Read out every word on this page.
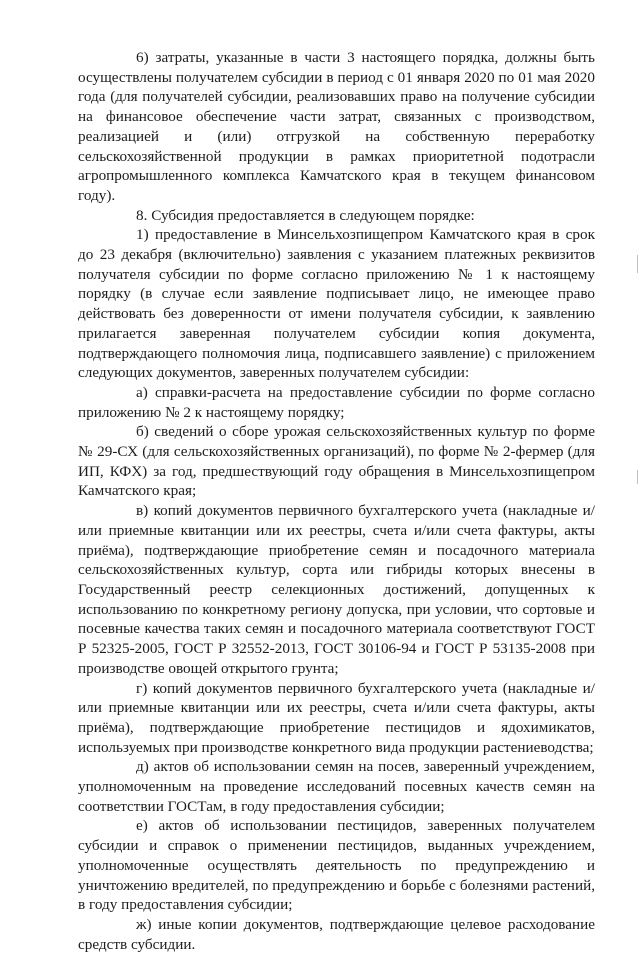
6) затраты, указанные в части 3 настоящего порядка, должны быть осуществлены получателем субсидии в период с 01 января 2020 по 01 мая 2020 года (для получателей субсидии, реализовавших право на получение субсидии на финансовое обеспечение части затрат, связанных с производством, реализацией и (или) отгрузкой на собственную переработку сельскохозяйственной продукции в рамках приоритетной подотрасли агропромышленного комплекса Камчатского края в текущем финансовом году).

8. Субсидия предоставляется в следующем порядке:

1) предоставление в Минсельхозпищепром Камчатского края в срок до 23 декабря (включительно) заявления с указанием платежных реквизитов получателя субсидии по форме согласно приложению № 1 к настоящему порядку (в случае если заявление подписывает лицо, не имеющее право действовать без доверенности от имени получателя субсидии, к заявлению прилагается заверенная получателем субсидии копия документа, подтверждающего полномочия лица, подписавшего заявление) с приложением следующих документов, заверенных получателем субсидии:

а) справки-расчета на предоставление субсидии по форме согласно приложению № 2 к настоящему порядку;

б) сведений о сборе урожая сельскохозяйственных культур по форме № 29-СХ (для сельскохозяйственных организаций), по форме № 2-фермер (для ИП, КФХ) за год, предшествующий году обращения в Минсельхозпищепром Камчатского края;

в) копий документов первичного бухгалтерского учета (накладные и/или приемные квитанции или их реестры, счета и/или счета фактуры, акты приёма), подтверждающие приобретение семян и посадочного материала сельскохозяйственных культур, сорта или гибриды которых внесены в Государственный реестр селекционных достижений, допущенных к использованию по конкретному региону допуска, при условии, что сортовые и посевные качества таких семян и посадочного материала соответствуют ГОСТ Р 52325-2005, ГОСТ Р 32552-2013, ГОСТ 30106-94 и ГОСТ Р 53135-2008 при производстве овощей открытого грунта;

г) копий документов первичного бухгалтерского учета (накладные и/или приемные квитанции или их реестры, счета и/или счета фактуры, акты приёма), подтверждающие приобретение пестицидов и ядохимикатов, используемых при производстве конкретного вида продукции растениеводства;

д) актов об использовании семян на посев, заверенный учреждением, уполномоченным на проведение исследований посевных качеств семян на соответствии ГОСТам, в году предоставления субсидии;

е) актов об использовании пестицидов, заверенных получателем субсидии и справок о применении пестицидов, выданных учреждением, уполномоченные осуществлять деятельность по предупреждению и уничтожению вредителей, по предупреждению и борьбе с болезнями растений, в году предоставления субсидии;

ж) иные копии документов, подтверждающие целевое расходование средств субсидии.
